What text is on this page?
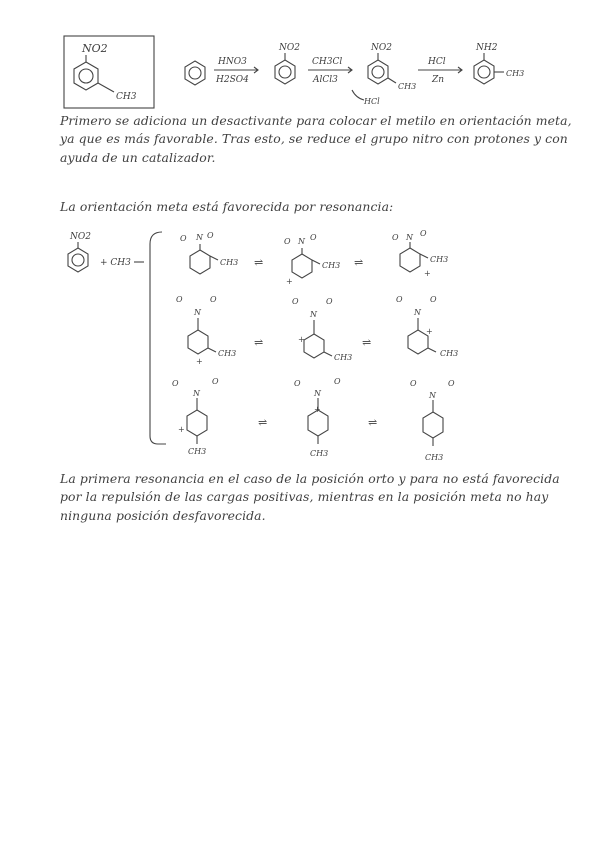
NO2
CH3
HNO3
H2SO4
NO2
CH3Cl
AlCl3
NO2
CH3
HCl
HCl
Zn
NH2
CH3
NO2
+ CH3
O N O
CH3 ⇌
O N O
CH3
+
⇌
O N O
CH3
+
O
N
O
CH3
+
⇌
O
N
O
CH3
+	⇌
O
N
O
CH3
+
O
N
O
CH3
+
⇌
O
N
O
CH3
+
⇌
O
N
O
CH3
Primero se adiciona un desactivante para colocar el metilo en orientación meta, ya que es más favorable. Tras esto, se reduce el grupo nitro con protones y con ayuda de un catalizador.
La orientación meta está favorecida por resonancia:
La primera resonancia en el caso de la posición orto y para no está favorecida por la repulsión de las cargas positivas, mientras en la posición meta no hay ninguna posición desfavorecida.
